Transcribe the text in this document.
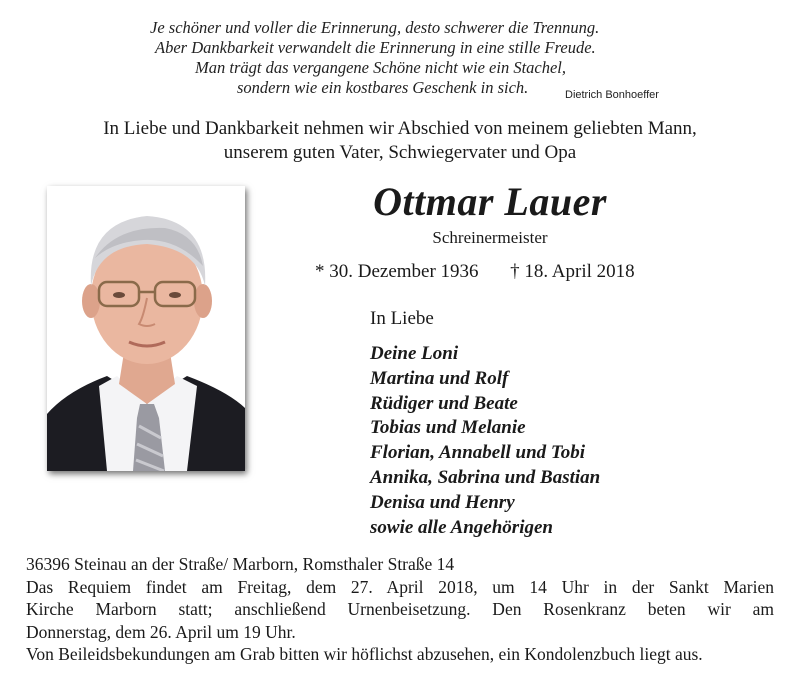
Je schöner und voller die Erinnerung, desto schwerer die Trennung.
Aber Dankbarkeit verwandelt die Erinnerung in eine stille Freude.
Man trägt das vergangene Schöne nicht wie ein Stachel,
sondern wie ein kostbares Geschenk in sich.	Dietrich Bonhoeffer
In Liebe und Dankbarkeit nehmen wir Abschied von meinem geliebten Mann,
unserem guten Vater, Schwiegervater und Opa
Ottmar Lauer
Schreinermeister
* 30. Dezember 1936 † 18. April 2018
In Liebe
Deine Loni
Martina und Rolf
Rüdiger und Beate
Tobias und Melanie
Florian, Annabell und Tobi
Annika, Sabrina und Bastian
Denisa und Henry
sowie alle Angehörigen
36396 Steinau an der Straße/ Marborn, Romsthaler Straße 14
Das Requiem findet am Freitag, dem 27. April 2018, um 14 Uhr in der Sankt Marien
Kirche Marborn statt; anschließend Urnenbeisetzung. Den Rosenkranz beten wir am
Donnerstag, dem 26. April um 19 Uhr.
Von Beileidsbekundungen am Grab bitten wir höflichst abzusehen, ein Kondolenzbuch liegt aus.
